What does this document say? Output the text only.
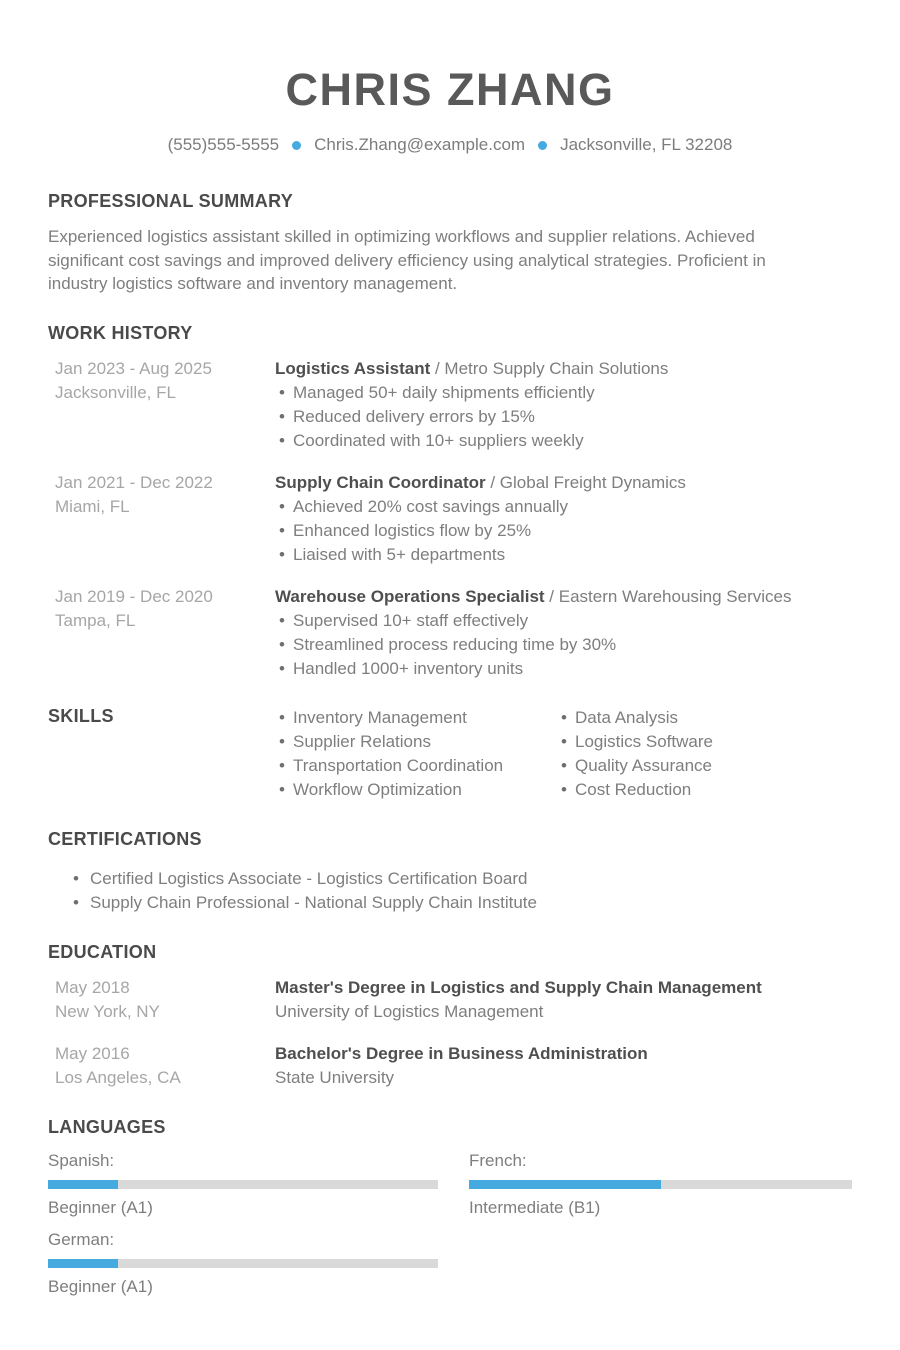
CHRIS ZHANG
(555)555-5555 Chris.Zhang@example.com Jacksonville, FL 32208
PROFESSIONAL SUMMARY

Experienced logistics assistant skilled in optimizing workflows and supplier relations. Achieved significant cost savings and improved delivery efficiency using analytical strategies. Proficient in industry logistics software and inventory management.

WORK HISTORY
Jan 2023 - Aug 2025
Jacksonville, FL
Logistics Assistant / Metro Supply Chain Solutions
• Managed 50+ daily shipments efficiently
• Reduced delivery errors by 15%
• Coordinated with 10+ suppliers weekly
Jan 2021 - Dec 2022
Miami, FL
Supply Chain Coordinator / Global Freight Dynamics
• Achieved 20% cost savings annually
• Enhanced logistics flow by 25%
• Liaised with 5+ departments
Jan 2019 - Dec 2020
Tampa, FL
Warehouse Operations Specialist / Eastern Warehousing Services
• Supervised 10+ staff effectively
• Streamlined process reducing time by 30%
• Handled 1000+ inventory units
SKILLS	• Inventory Management
• Supplier Relations
• Transportation Coordination
• Workflow Optimization
• Data Analysis
• Logistics Software
• Quality Assurance
• Cost Reduction
CERTIFICATIONS
• Certified Logistics Associate - Logistics Certification Board
• Supply Chain Professional - National Supply Chain Institute
EDUCATION
May 2018
New York, NY
Master's Degree in Logistics and Supply Chain Management
University of Logistics Management
May 2016
Los Angeles, CA
Bachelor's Degree in Business Administration
State University
LANGUAGES
Spanish:
Beginner (A1)
French:
Intermediate (B1)
German:
Beginner (A1)
